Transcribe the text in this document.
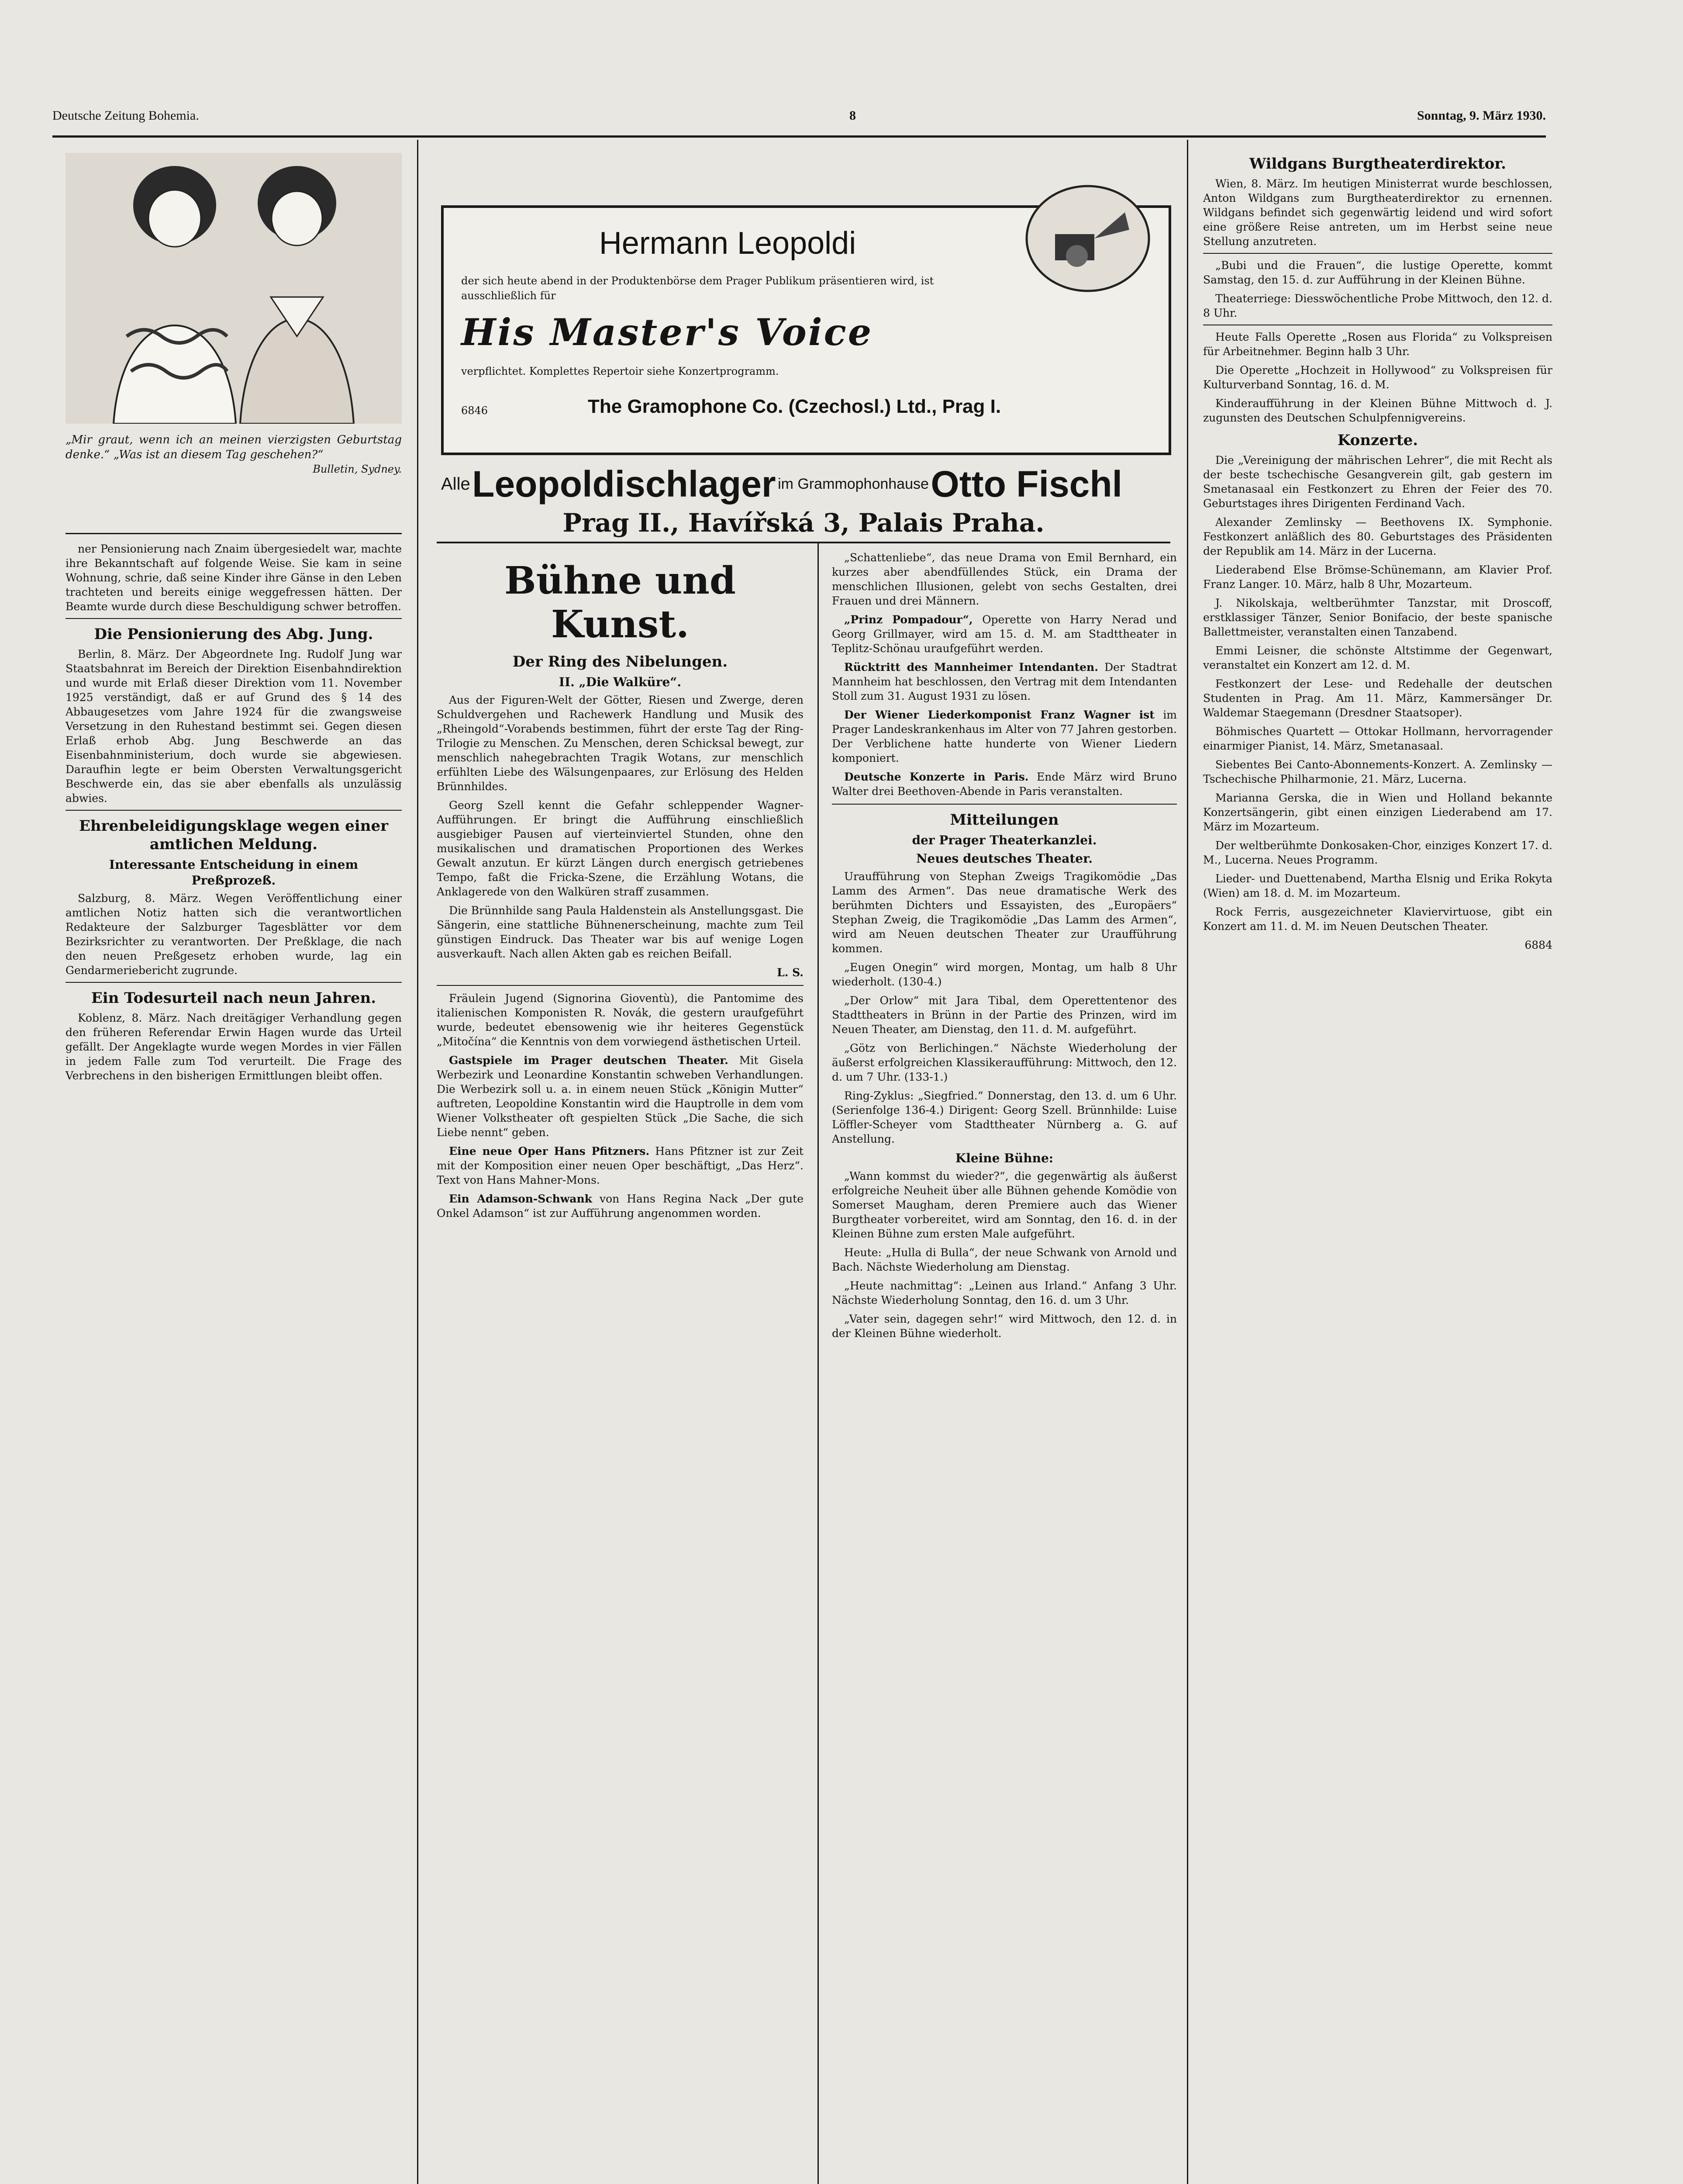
Deutsche Zeitung Bohemia.	8	Sonntag, 9. März 1930.
„Mir graut, wenn ich an meinen vierzigsten Geburtstag denke.“ „Was ist an diesem Tag geschehen?“
Bulletin, Sydney.

ner Pensionierung nach Znaim übergesiedelt war, machte ihre Bekanntschaft auf folgende Weise. Sie kam in seine Wohnung, schrie, daß seine Kinder ihre Gänse in den Leben trachteten und bereits einige weggefressen hätten. Der Beamte wurde durch diese Beschuldigung schwer betroffen.

Die Pensionierung des Abg. Jung.

Berlin, 8. März. Der Abgeordnete Ing. Rudolf Jung war Staatsbahnrat im Bereich der Direktion Eisenbahndirektion und wurde mit Erlaß dieser Direktion vom 11. November 1925 verständigt, daß er auf Grund des § 14 des Abbaugesetzes vom Jahre 1924 für die zwangsweise Versetzung in den Ruhestand bestimmt sei. Gegen diesen Erlaß erhob Abg. Jung Beschwerde an das Eisenbahnministerium, doch wurde sie abgewiesen. Daraufhin legte er beim Obersten Verwaltungsgericht Beschwerde ein, das sie aber ebenfalls als unzulässig abwies.

Ehrenbeleidigungsklage wegen einer amtlichen Meldung.
Interessante Entscheidung in einem Preßprozeß.

Salzburg, 8. März. Wegen Veröffentlichung einer amtlichen Notiz hatten sich die verantwortlichen Redakteure der Salzburger Tagesblätter vor dem Bezirksrichter zu verantworten. Der Preßklage, die nach den neuen Preßgesetz erhoben wurde, lag ein Gendarmeriebericht zugrunde.

Ein Todesurteil nach neun Jahren.

Koblenz, 8. März. Nach dreitägiger Verhandlung gegen den früheren Referendar Erwin Hagen wurde das Urteil gefällt. Der Angeklagte wurde wegen Mordes in vier Fällen in jedem Falle zum Tod verurteilt. Die Frage des Verbrechens in den bisherigen Ermittlungen bleibt offen.

Hermann Leopoldi
der sich heute abend in der Produktenbörse dem Prager Publikum präsentieren wird, ist ausschließlich für
His Master's Voice
verpflichtet. Komplettes Repertoir siehe Konzertprogramm.
6846	The Gramophone Co. (Czechosl.) Ltd., Prag I.
Alle Leopoldischlager im Grammophonhause Otto Fischl
Prag II., Havířská 3, Palais Praha.
Bühne und Kunst.
Der Ring des Nibelungen.
II. „Die Walküre“.

Aus der Figuren-Welt der Götter, Riesen und Zwerge, deren Schuldvergehen und Rachewerk Handlung und Musik des „Rheingold“-Vorabends bestimmen, führt der erste Tag der Ring-Trilogie zu Menschen. Zu Menschen, deren Schicksal bewegt, zur menschlich nahegebrachten Tragik Wotans, zur menschlich erfühlten Liebe des Wälsungenpaares, zur Erlösung des Helden Brünnhildes.

Georg Szell kennt die Gefahr schleppender Wagner-Aufführungen. Er bringt die Aufführung einschließlich ausgiebiger Pausen auf vierteinviertel Stunden, ohne den musikalischen und dramatischen Proportionen des Werkes Gewalt anzutun. Er kürzt Längen durch energisch getriebenes Tempo, faßt die Fricka-Szene, die Erzählung Wotans, die Anklagerede von den Walküren straff zusammen.

Die Brünnhilde sang Paula Haldenstein als Anstellungsgast. Die Sängerin, eine stattliche Bühnenerscheinung, machte zum Teil günstigen Eindruck. Das Theater war bis auf wenige Logen ausverkauft. Nach allen Akten gab es reichen Beifall.

L. S.

Fräulein Jugend (Signorina Gioventù), die Pantomime des italienischen Komponisten R. Novák, die gestern uraufgeführt wurde, bedeutet ebensowenig wie ihr heiteres Gegenstück „Mitočína“ die Kenntnis von dem vorwiegend ästhetischen Urteil.

Gastspiele im Prager deutschen Theater. Mit Gisela Werbezirk und Leonardine Konstantin schweben Verhandlungen. Die Werbezirk soll u. a. in einem neuen Stück „Königin Mutter“ auftreten, Leopoldine Konstantin wird die Hauptrolle in dem vom Wiener Volkstheater oft gespielten Stück „Die Sache, die sich Liebe nennt“ geben.

Eine neue Oper Hans Pfitzners. Hans Pfitzner ist zur Zeit mit der Komposition einer neuen Oper beschäftigt, „Das Herz“. Text von Hans Mahner-Mons.

Ein Adamson-Schwank von Hans Regina Nack „Der gute Onkel Adamson“ ist zur Aufführung angenommen worden.

„Schattenliebe“, das neue Drama von Emil Bernhard, ein kurzes aber abendfüllendes Stück, ein Drama der menschlichen Illusionen, gelebt von sechs Gestalten, drei Frauen und drei Männern.

„Prinz Pompadour“, Operette von Harry Nerad und Georg Grillmayer, wird am 15. d. M. am Stadttheater in Teplitz-Schönau uraufgeführt werden.

Rücktritt des Mannheimer Intendanten. Der Stadtrat Mannheim hat beschlossen, den Vertrag mit dem Intendanten Stoll zum 31. August 1931 zu lösen.

Der Wiener Liederkomponist Franz Wagner ist im Prager Landeskrankenhaus im Alter von 77 Jahren gestorben. Der Verblichene hatte hunderte von Wiener Liedern komponiert.

Deutsche Konzerte in Paris. Ende März wird Bruno Walter drei Beethoven-Abende in Paris veranstalten.

Mitteilungen
der Prager Theaterkanzlei.
Neues deutsches Theater.

Uraufführung von Stephan Zweigs Tragikomödie „Das Lamm des Armen“. Das neue dramatische Werk des berühmten Dichters und Essayisten, des „Europäers“ Stephan Zweig, die Tragikomödie „Das Lamm des Armen“, wird am Neuen deutschen Theater zur Uraufführung kommen.

„Eugen Onegin“ wird morgen, Montag, um halb 8 Uhr wiederholt. (130-4.)

„Der Orlow“ mit Jara Tibal, dem Operettentenor des Stadttheaters in Brünn in der Partie des Prinzen, wird im Neuen Theater, am Dienstag, den 11. d. M. aufgeführt.

„Götz von Berlichingen.“ Nächste Wiederholung der äußerst erfolgreichen Klassikeraufführung: Mittwoch, den 12. d. um 7 Uhr. (133-1.)

Ring-Zyklus: „Siegfried.“ Donnerstag, den 13. d. um 6 Uhr. (Serienfolge 136-4.) Dirigent: Georg Szell. Brünnhilde: Luise Löffler-Scheyer vom Stadttheater Nürnberg a. G. auf Anstellung.

Kleine Bühne:

„Wann kommst du wieder?“, die gegenwärtig als äußerst erfolgreiche Neuheit über alle Bühnen gehende Komödie von Somerset Maugham, deren Premiere auch das Wiener Burgtheater vorbereitet, wird am Sonntag, den 16. d. in der Kleinen Bühne zum ersten Male aufgeführt.

Heute: „Hulla di Bulla“, der neue Schwank von Arnold und Bach. Nächste Wiederholung am Dienstag.

„Heute nachmittag“: „Leinen aus Irland.“ Anfang 3 Uhr. Nächste Wiederholung Sonntag, den 16. d. um 3 Uhr.

„Vater sein, dagegen sehr!“ wird Mittwoch, den 12. d. in der Kleinen Bühne wiederholt.

Wildgans Burgtheaterdirektor.

Wien, 8. März. Im heutigen Ministerrat wurde beschlossen, Anton Wildgans zum Burgtheaterdirektor zu ernennen. Wildgans befindet sich gegenwärtig leidend und wird sofort eine größere Reise antreten, um im Herbst seine neue Stellung anzutreten.

„Bubi und die Frauen“, die lustige Operette, kommt Samstag, den 15. d. zur Aufführung in der Kleinen Bühne.

Theaterriege: Diesswöchentliche Probe Mittwoch, den 12. d. 8 Uhr.

Heute Falls Operette „Rosen aus Florida“ zu Volkspreisen für Arbeitnehmer. Beginn halb 3 Uhr.

Die Operette „Hochzeit in Hollywood“ zu Volkspreisen für Kulturverband Sonntag, 16. d. M.

Kinderaufführung in der Kleinen Bühne Mittwoch d. J. zugunsten des Deutschen Schulpfennigvereins.

Konzerte.

Die „Vereinigung der mährischen Lehrer“, die mit Recht als der beste tschechische Gesangverein gilt, gab gestern im Smetanasaal ein Festkonzert zu Ehren der Feier des 70. Geburtstages ihres Dirigenten Ferdinand Vach.

Alexander Zemlinsky — Beethovens IX. Symphonie. Festkonzert anläßlich des 80. Geburtstages des Präsidenten der Republik am 14. März in der Lucerna.

Liederabend Else Brömse-Schünemann, am Klavier Prof. Franz Langer. 10. März, halb 8 Uhr, Mozarteum.

J. Nikolskaja, weltberühmter Tanzstar, mit Droscoff, erstklassiger Tänzer, Senior Bonifacio, der beste spanische Ballettmeister, veranstalten einen Tanzabend.

Emmi Leisner, die schönste Altstimme der Gegenwart, veranstaltet ein Konzert am 12. d. M.

Festkonzert der Lese- und Redehalle der deutschen Studenten in Prag. Am 11. März, Kammersänger Dr. Waldemar Staegemann (Dresdner Staatsoper).

Böhmisches Quartett — Ottokar Hollmann, hervorragender einarmiger Pianist, 14. März, Smetanasaal.

Siebentes Bei Canto-Abonnements-Konzert. A. Zemlinsky — Tschechische Philharmonie, 21. März, Lucerna.

Marianna Gerska, die in Wien und Holland bekannte Konzertsängerin, gibt einen einzigen Liederabend am 17. März im Mozarteum.

Der weltberühmte Donkosaken-Chor, einziges Konzert 17. d. M., Lucerna. Neues Programm.

Lieder- und Duettenabend, Martha Elsnig und Erika Rokyta (Wien) am 18. d. M. im Mozarteum.

Rock Ferris, ausgezeichneter Klaviervirtuose, gibt ein Konzert am 11. d. M. im Neuen Deutschen Theater.

6884
